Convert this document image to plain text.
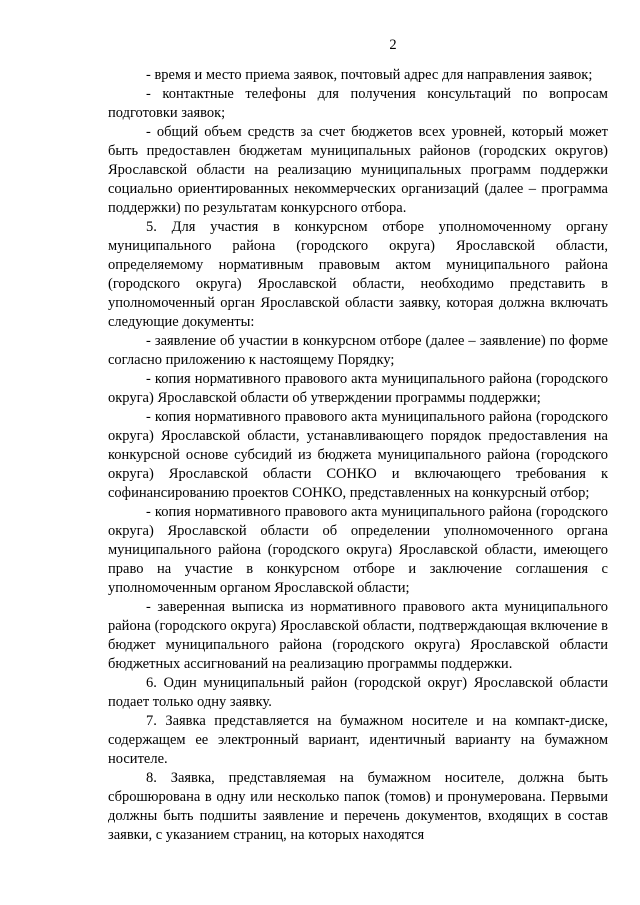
2

- время и место приема заявок, почтовый адрес для направления заявок;

- контактные телефоны для получения консультаций по вопросам подготовки заявок;

- общий объем средств за счет бюджетов всех уровней, который может быть предоставлен бюджетам муниципальных районов (городских округов) Ярославской области на реализацию муниципальных программ поддержки социально ориентированных некоммерческих организаций (далее – программа поддержки) по результатам конкурсного отбора.

5. Для участия в конкурсном отборе уполномоченному органу муниципального района (городского округа) Ярославской области, определяемому нормативным правовым актом муниципального района (городского округа) Ярославской области, необходимо представить в уполномоченный орган Ярославской области заявку, которая должна включать следующие документы:

- заявление об участии в конкурсном отборе (далее – заявление) по форме согласно приложению к настоящему Порядку;

- копия нормативного правового акта муниципального района (городского округа) Ярославской области об утверждении программы поддержки;

- копия нормативного правового акта муниципального района (городского округа) Ярославской области, устанавливающего порядок предоставления на конкурсной основе субсидий из бюджета муниципального района (городского округа) Ярославской области СОНКО и включающего требования к софинансированию проектов СОНКО, представленных на конкурсный отбор;

- копия нормативного правового акта муниципального района (городского округа) Ярославской области об определении уполномоченного органа муниципального района (городского округа) Ярославской области, имеющего право на участие в конкурсном отборе и заключение соглашения с уполномоченным органом Ярославской области;

- заверенная выписка из нормативного правового акта муниципального района (городского округа) Ярославской области, подтверждающая включение в бюджет муниципального района (городского округа) Ярославской области бюджетных ассигнований на реализацию программы поддержки.

6. Один муниципальный район (городской округ) Ярославской области подает только одну заявку.

7. Заявка представляется на бумажном носителе и на компакт-диске, содержащем ее электронный вариант, идентичный варианту на бумажном носителе.

8. Заявка, представляемая на бумажном носителе, должна быть сброшюрована в одну или несколько папок (томов) и пронумерована. Первыми должны быть подшиты заявление и перечень документов, входящих в состав заявки, с указанием страниц, на которых находятся
